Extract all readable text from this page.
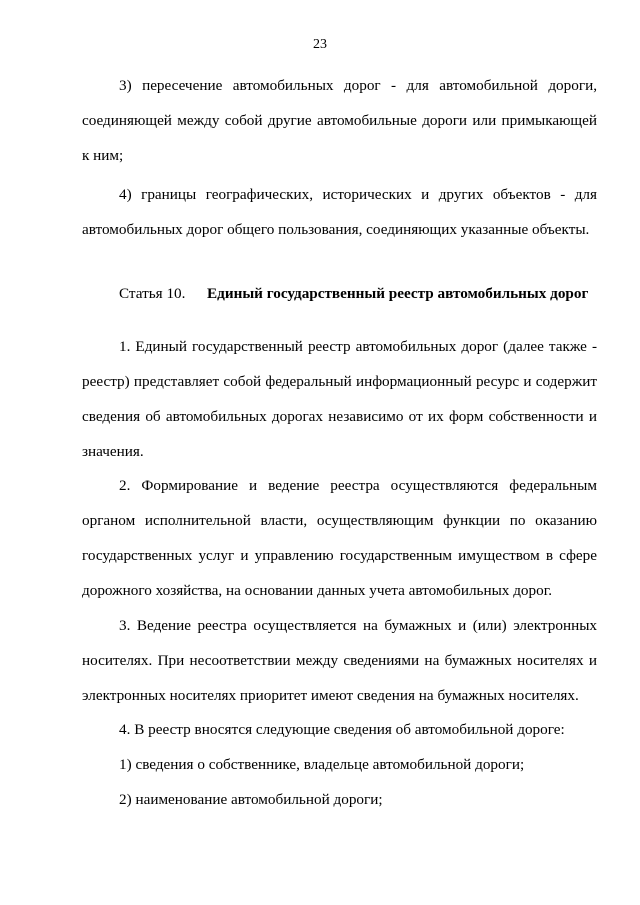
23

3) пересечение автомобильных дорог - для автомобильной дороги, соединяющей между собой другие автомобильные дороги или примыкающей к ним;

4) границы географических, исторических и других объектов - для автомобильных дорог общего пользования, соединяющих указанные объекты.

Статья 10. Единый государственный реестр автомобильных дорог

1. Единый государственный реестр автомобильных дорог (далее также - реестр) представляет собой федеральный информационный ресурс и содержит сведения об автомобильных дорогах независимо от их форм собственности и значения.

2. Формирование и ведение реестра осуществляются федеральным органом исполнительной власти, осуществляющим функции по оказанию государственных услуг и управлению государственным имуществом в сфере дорожного хозяйства, на основании данных учета автомобильных дорог.

3. Ведение реестра осуществляется на бумажных и (или) электронных носителях. При несоответствии между сведениями на бумажных носителях и электронных носителях приоритет имеют сведения на бумажных носителях.

4. В реестр вносятся следующие сведения об автомобильной дороге:
1) сведения о собственнике, владельце автомобильной дороги;
2) наименование автомобильной дороги;
